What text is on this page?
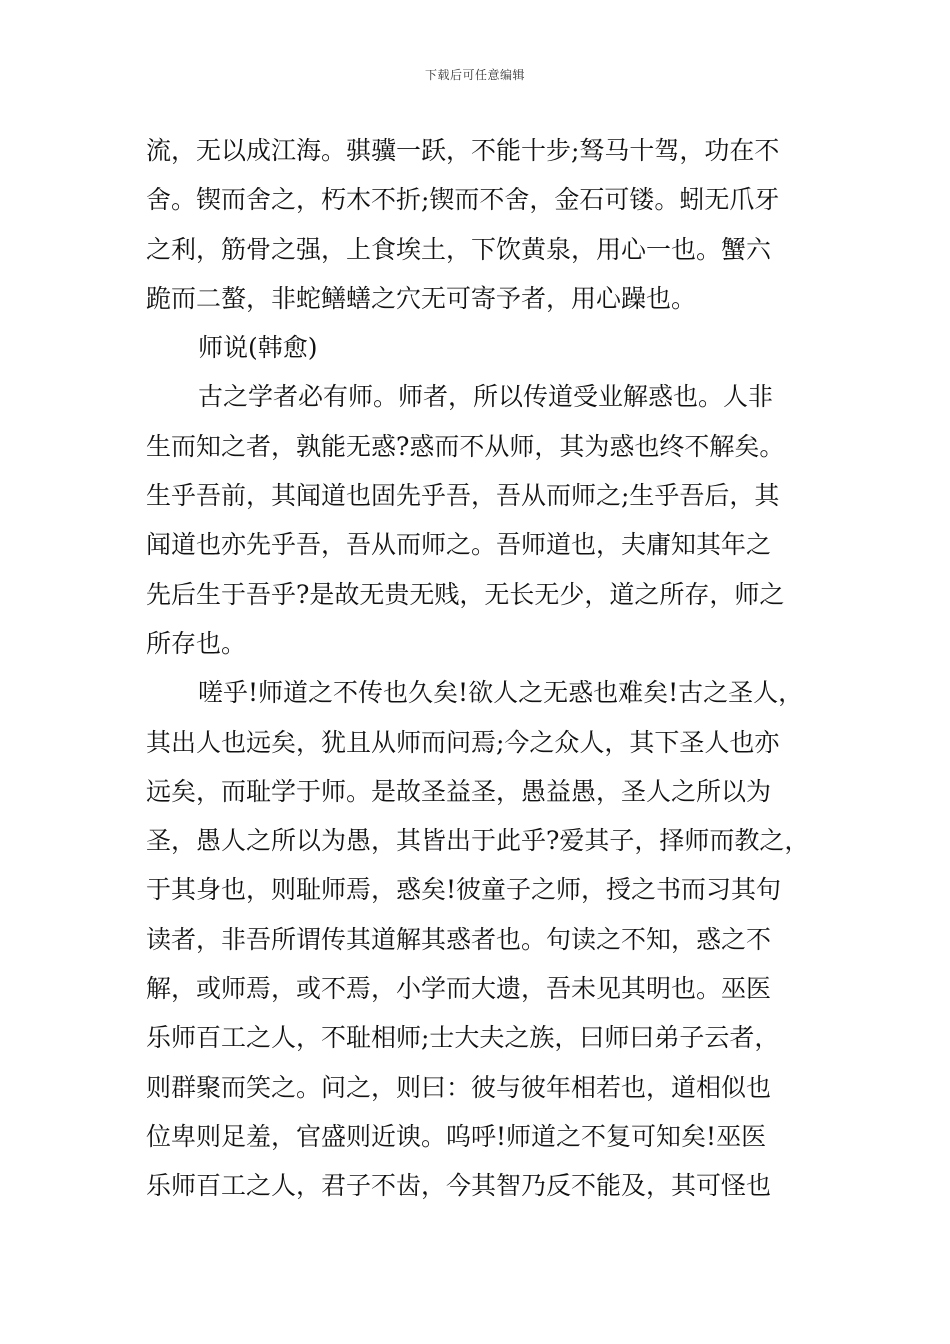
下载后可任意编辑
流，无以成江海。骐骥一跃，不能十步;驽马十驾，功在不
舍。锲而舍之，朽木不折;锲而不舍，金石可镂。蚓无爪牙
之利，筋骨之强，上食埃土，下饮黄泉，用心一也。蟹六
跪而二螯，非蛇鳝蟮之穴无可寄予者，用心躁也。
师说(韩愈)
古之学者必有师。师者，所以传道受业解惑也。人非
生而知之者，孰能无惑?惑而不从师，其为惑也终不解矣。
生乎吾前，其闻道也固先乎吾，吾从而师之;生乎吾后，其
闻道也亦先乎吾，吾从而师之。吾师道也，夫庸知其年之
先后生于吾乎?是故无贵无贱，无长无少，道之所存，师之
所存也。
嗟乎!师道之不传也久矣!欲人之无惑也难矣!古之圣人，
其出人也远矣，犹且从师而问焉;今之众人，其下圣人也亦
远矣，而耻学于师。是故圣益圣，愚益愚，圣人之所以为
圣，愚人之所以为愚，其皆出于此乎?爱其子，择师而教之，
于其身也，则耻师焉，惑矣!彼童子之师，授之书而习其句
读者，非吾所谓传其道解其惑者也。句读之不知，惑之不
解，或师焉，或不焉，小学而大遗，吾未见其明也。巫医
乐师百工之人，不耻相师;士大夫之族，曰师曰弟子云者，
则群聚而笑之。问之，则曰：彼与彼年相若也，道相似也
位卑则足羞，官盛则近谀。呜呼!师道之不复可知矣!巫医
乐师百工之人，君子不齿，今其智乃反不能及，其可怪也
